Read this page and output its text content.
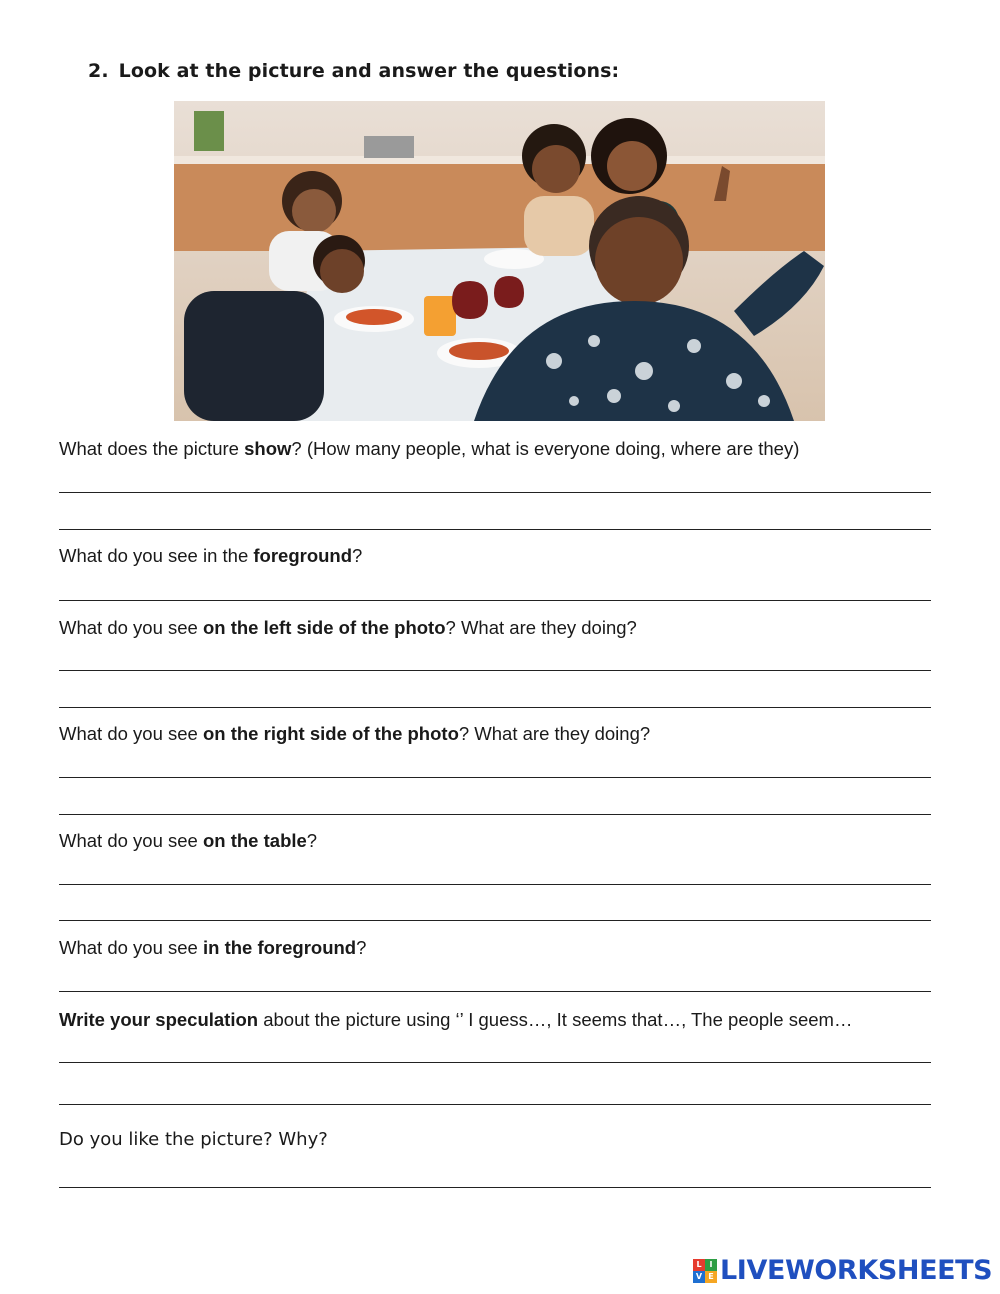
2. Look at the picture and answer the questions:
What does the picture show? (How many people, what is everyone doing, where are they)
What do you see in the foreground?
What do you see on the left side of the photo? What are they doing?
What do you see on the right side of the photo? What are they doing?
What do you see on the table?
What do you see in the foreground?
Write your speculation about the picture using ‘’ I guess…, It seems that…, The people seem…
Do you like the picture? Why?
L I
V E LIVEWORKSHEETS
